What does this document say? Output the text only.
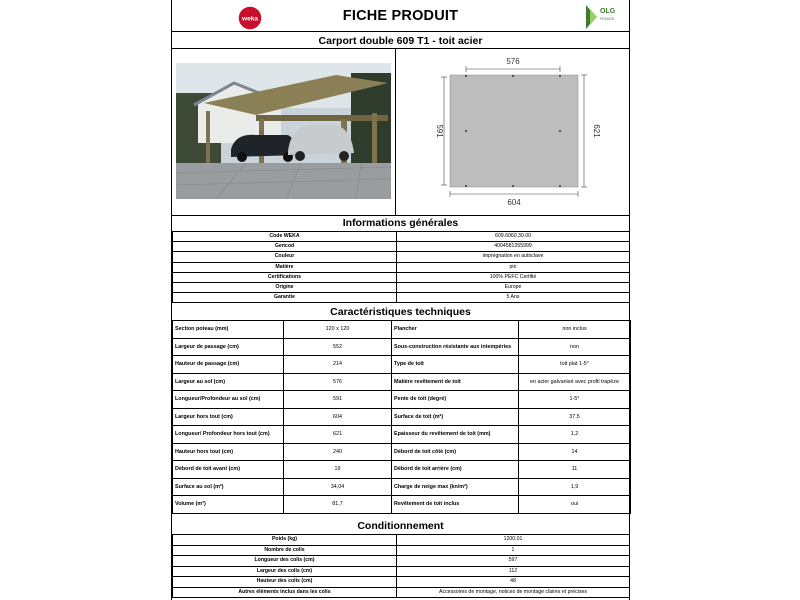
weka	FICHE PRODUIT	OLG
FRANCE
Carport double 609 T1 - toit acier
576
604
591	621
Informations générales
Code WEKA	609.6060.30.00
Gencod	4004581355999
Couleur	imprégnation en autoclave
Matière	pin
Certifications	100% PEFC Certifié
Origine	Europe
Garantie	5 Ans
Caractéristiques techniques
Section poteau (mm)	120 x 120	Plancher	non inclus
Largeur de passage (cm)	552	Sous-construction résistante aux intempéries	non
Hauteur de passage (cm)	214	Type de toit	toit plat 1-5°
Largeur au sol (cm)	576	Matière revêtement de toit	en acier galvanisé avec profil trapèze
Longueur/Profondeur au sol (cm)	591	Pente de toit (degré)	1-5°
Largeur hors tout (cm)	604	Surface de toit (m²)	37,5
Longueur/ Profondeur hors tout (cm)	621	Epaisseur du revêtement de toit (mm)	1,2
Hauteur hors tout (cm)	240	Débord de toit côté (cm)	14
Débord de toit avant (cm)	19	Débord de toit arrière (cm)	11
Surface au sol (m²)	34,04	Charge de neige max (kn/m²)	1,9
Volume (m³)	81,7	Revêtement de toit inclus	oui
Conditionnement
Poids (kg)	1200,01
Nombre de colis	1
Longueur des colis (cm)	597
Largeur des colis (cm)	112
Hauteur des colis (cm)	48
Autres éléments inclus dans les colis	Accessoires de montage, notices de montage claires et précises
